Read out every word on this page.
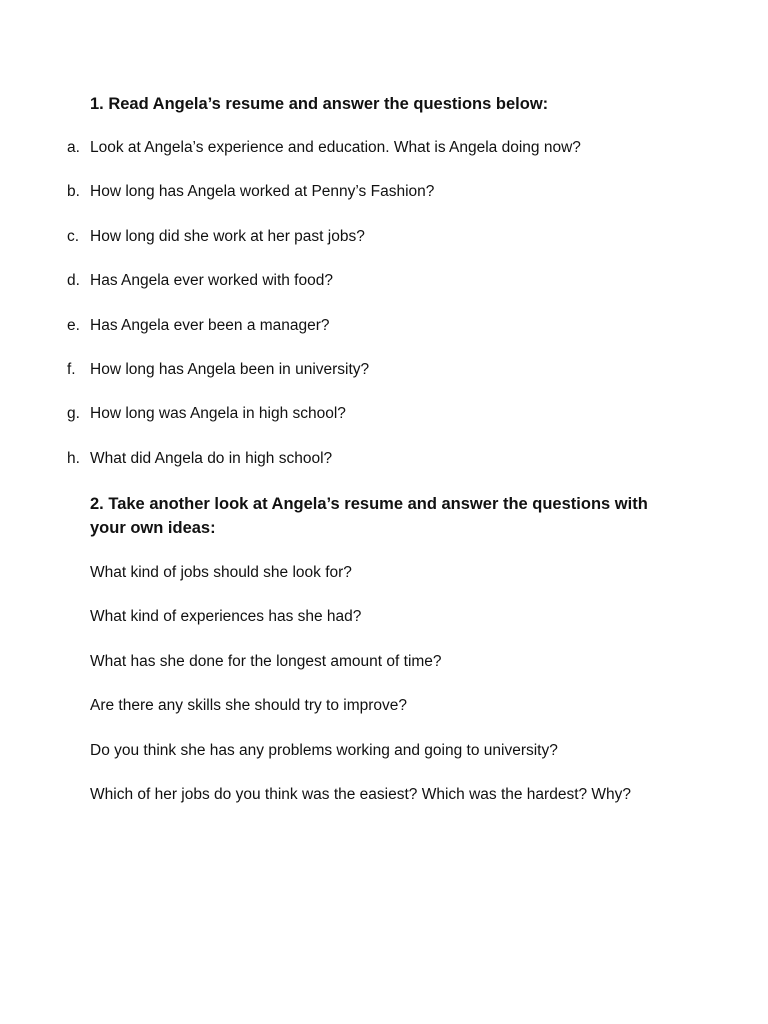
1. Read Angela’s resume and answer the questions below:
a. Look at Angela’s experience and education. What is Angela doing now?
b. How long has Angela worked at Penny’s Fashion?
c. How long did she work at her past jobs?
d. Has Angela ever worked with food?
e. Has Angela ever been a manager?
f. How long has Angela been in university?
g. How long was Angela in high school?
h. What did Angela do in high school?
2. Take another look at Angela’s resume and answer the questions with your own ideas:
What kind of jobs should she look for?
What kind of experiences has she had?
What has she done for the longest amount of time?
Are there any skills she should try to improve?
Do you think she has any problems working and going to university?
Which of her jobs do you think was the easiest? Which was the hardest? Why?
